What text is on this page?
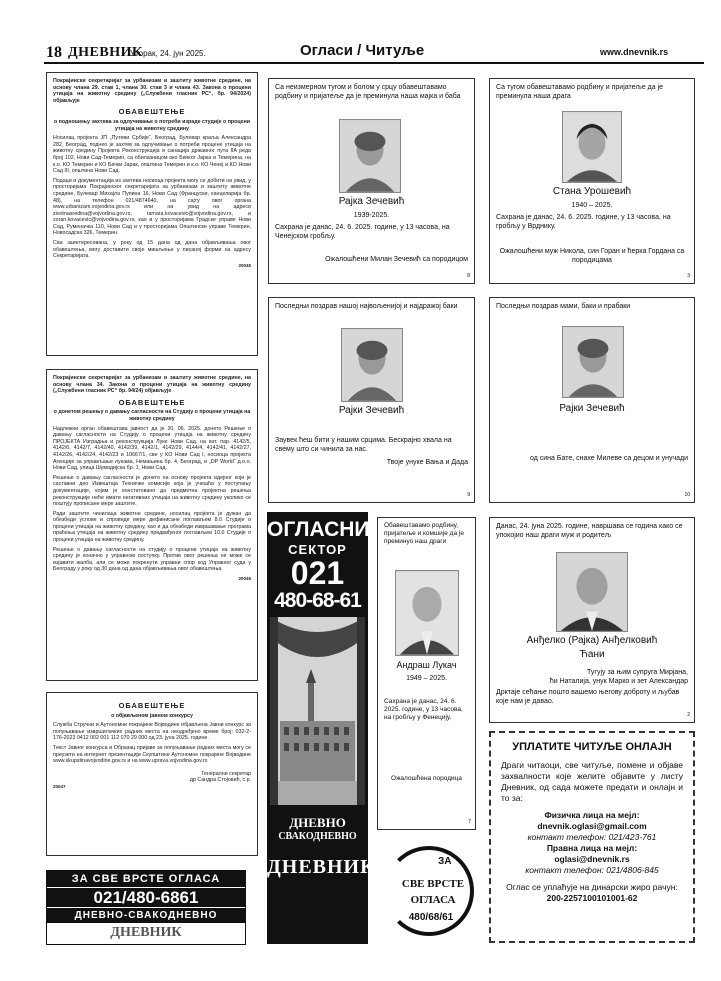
18 ДНЕВНИК
Уторак, 24. јун 2025.	Огласи / Читуље	www.dnevnik.rs
Покрајински секретаријат за урбанизам и заштиту животне средине, на основу члана 29. став 1, члана 30. став 3 и члана 43. Закона о процени утицаја на животну средину („Службени гласник РС“, бр. 94/2024) објављује
ОБАВЕШТЕЊЕ
о подношењу захтева за одлучивање о потреби израде студије о процени утицаја на животну средину
Носилац пројекта ЈП „Путеви Србије“, Београд, Булевар краља Александра 282, Београд, поднео је захтев за одлучивање о потреби процене утицаја на животну средину Пројекта Реконструкција и санација државног пута IIA реда број 102, Нови Сад-Темерин, са обилазницом око Бачког Јарка и Темерина, на к.о. КО Темерин и КО Бачки Јарак, општина Темерин и к.о. КО Ченеј и КО Нови Сад III, општина Нови Сад.
Подаци и документација из захтева носиоца пројекта могу се добити на увид, у просторијама Покрајинског секретаријата за урбанизам и заштиту животне средине, Булевар Михајла Пупина 16, Нови Сад (Француски, канцеларија бр. 48), на телефон 021/4874640, на сајту овог органа www.urbanizam.vojvodina.gov.rs или на увид на адреси zivotnasredina@vojvodina.gov.rs, tamara.kovacevic@vojvodina.gov.rs, и zoran.kovacevic@vojvodina.gov.rs, као и у просторијама Градске управе Нови Сад, Руменачка 110, Нови Сад и у просторијама Општинске управе Темерин, Новосадска 326, Темерин.
Сва заинтересована, у року од 15 дана од дана објављивања овог обавештења, могу доставити своје мишљење у писаној форми на адресу Секретаријата.
20045
Покрајински секретаријат за урбанизам и заштиту животне средине, на основу члана 34. Закона о процени утицаја на животну средину („Службени гласник РС“ бр. 94/24) објављује
ОБАВЕШТЕЊЕ
о донетом решењу о давању сагласности на Студију о процени утицаја на животну средину
Надлежни орган обавештава јавност да је 20. 06. 2025. донето Решење о давању сагласности на Студију о процени утицаја на животну средину ПРОЈЕКТА Изградња и реконструкција Луке Нови Сад, на кат. пар. 4142/5, 4142/6, 4142/7, 4142/40, 4142/39, 4142/1, 4142/29, 4144/4, 4142/41, 4142/27, 4142/26, 4142/24, 4142/23 и 10667/1, све у КО Нови Сад I, носиоца пројекта Агенције за управљање лукама, Немањина бр. 4, Београд, и „DP World“ д.о.о. Нови Сад, улица Шумадијска бр. 1, Нови Сад.
Решење о давању сагласности је донето на основу пројекта идејног који је саставни део Извештаја Техничке комисије која је учешћа у поступању документације, којим је констатовано да предметна пројектна решења реконструкције неће имати негативних утицаја на животну средину уколико се поштују прописане мере заштите.
Ради заштите чинилаца животне средине, носилац пројекта је дужан да обезбеди услове и спроведе мере дефинисане поглављем 8.0 Студије о процени утицаја на животну средину, као и да обезбеди извршавање програма праћења утицаја на животну средину предвиђеног поглављем 10.0 Студије о процени утицаја на животну средину.
Решење о давању сагласности на студију о процени утицаја на животну средину је коначно у управном поступку. Против овог решења не може се изјавити жалба, али се може покренути управни спор код Управног суда у Београду у року од 30 дана од дана објављивања овог обавештења.
20046
ОБАВЕШТЕЊЕ
о објављеном јавном конкурсу
Служба Стручни и Аутономни покрајине Војводине објављена Јавни конкурс за попуњавање извршилачких радних места на неодређено време број: 032-2-176-2023 0412 002 001 112 070 29 000 од 23. јуна 2025. године.
Текст Јавног конкурса и Образац пријаве за попуњавање радних места могу се преузети на интернет презентацији Скупштине Аутономне покрајине Војводине www.skupstinavojvodine.gov.rs и на www.uprava.vojvodina.gov.rs
Генерални секретар
др Сандра Стојовић, с.р.
20047
ЗА СВЕ ВРСТЕ ОГЛАСА
021/480-6861
ДНЕВНО-СВАКОДНЕВНО
ДНЕВНИК
Са неизмерном тугом и болом у срцу обавештавамо родбину и пријатеље да је преминула наша мајка и баба
Рајка Зечевић
1939-2025.
Сахрана је данас, 24. 6. 2025. године, у 13 часова, на Ченејском гробљу.
Ожалошћени Милан Зечевић са породицом
8
Са тугом обавештавамо родбину и пријатеље да је преминула наша драга
Стана Урошевић
1940 – 2025.
Сахрана је данас, 24. 6. 2025. године, у 13 часова, на гробљу у Врднику.
Ожалошћени муж Никола, син Горан и ћерка Гордана са породицама
3
Последњи поздрав нашој највољенијој и најдражој баки
Рајки Зечевић
Заувек ћеш бити у нашим срцима. Бескрајно хвала на свему што си чинила за нас.
Твоје унуке Вања и Дада
9
Последњи поздрав мами, баки и прабаки
Рајки Зечевић
од сина Бате, снахе Милеве са децом и унучади
10
ОГЛАСНИ
СЕКТОР
021
480-68-61
ДНЕВНО
СВАКОДНЕВНО
ДНЕВНИК
Обавештавамо родбину, пријатеље и комшије да је преминуо наш драги
Андраш Лукач
1949 – 2025.
Сахрана је данас, 24. 6. 2025. године, у 13 часова, на гробљу у Фенецију.
Ожалошћена породица
7
Данас, 24. јуна 2025. године, навршава се година како се упокојио наш драги муж и родитељ
Анђелко (Рајка) Анђелковић
Ћани
Тугују за њим супруга Мирјана,
ћи Наталија, унук Марко и зет Александар
Дрктаје сећање пошто вашемо његову доброту и љубав које нам је давао.
2
ЗА
СВЕ ВРСТЕ
ОГЛАСА
480/68/61
УПЛАТИТЕ ЧИТУЉЕ ОНЛАЈН
Драги читаоци, све читуље, помене и објаве захвалности које желите објавите у листу Дневник, од сада можете предати и онлајн и то за:
Физичка лица на мејл:
dnevnik.oglasi@gmail.com
контакт телефон: 021/423-761
Правна лица на мејл:
oglasi@dnevnik.rs
контакт телефон: 021/4806-845
Оглас се уплаћује на динарски жиро рачун:
200-2257100101001-62
